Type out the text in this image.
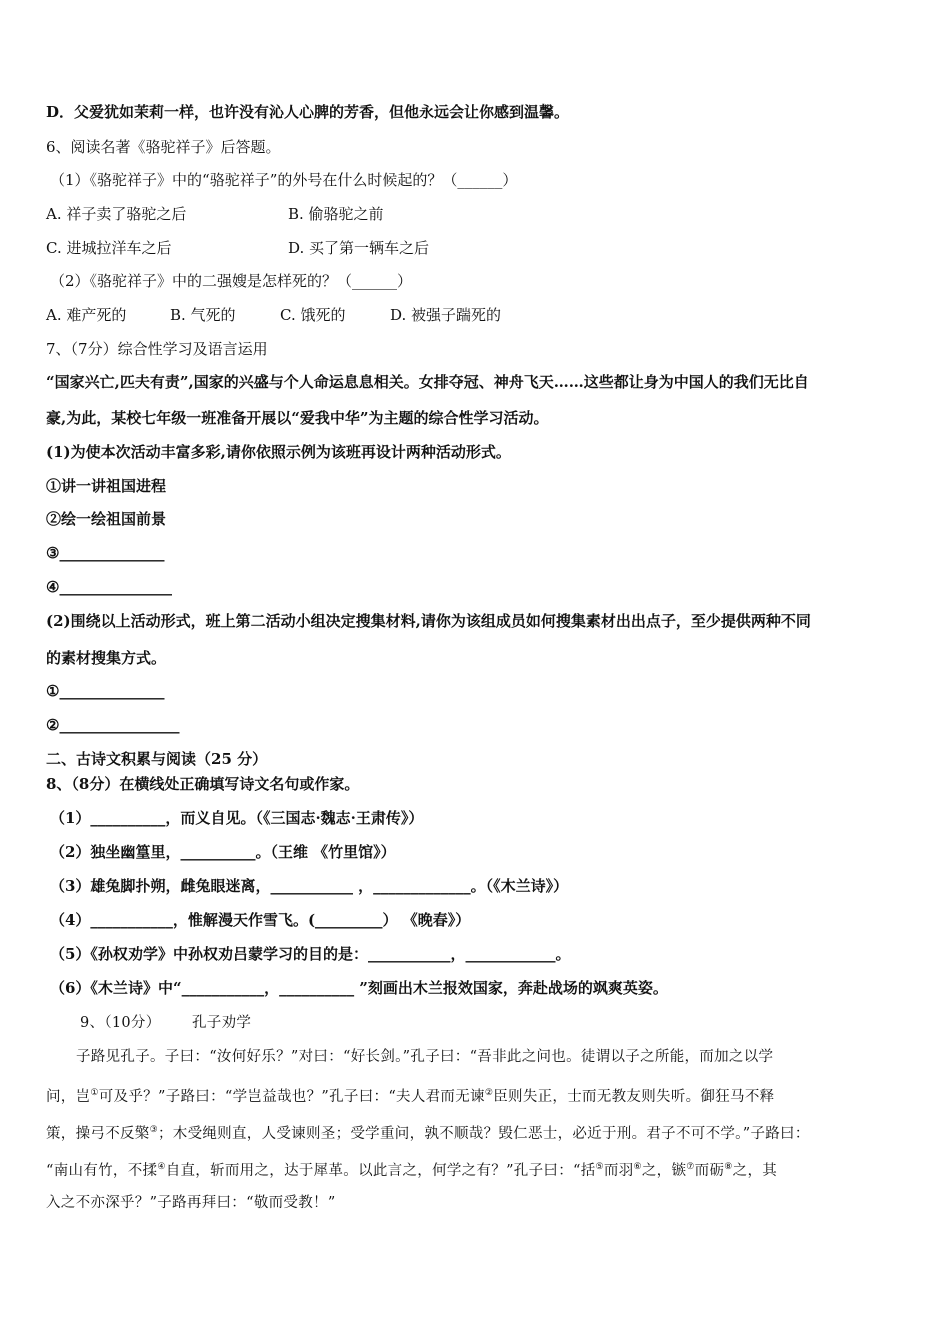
D．父爱犹如茉莉一样，也许没有沁人心脾的芳香，但他永远会让你感到温馨。
6、阅读名著《骆驼祥子》后答题。
（1）《骆驼祥子》中的“骆驼祥子”的外号在什么时候起的？（______）
A. 祥子卖了骆驼之后	B. 偷骆驼之前
C. 进城拉洋车之后	D. 买了第一辆车之后
（2）《骆驼祥子》中的二强嫂是怎样死的？（______）
A. 难产死的	B. 气死的	C. 饿死的	D. 被强子踹死的
7、（7分）综合性学习及语言运用
“国家兴亡,匹夫有责”,国家的兴盛与个人命运息息相关。女排夺冠、神舟飞天……这些都让身为中国人的我们无比自
豪,为此，某校七年级一班准备开展以“爱我中华”为主题的综合性学习活动。
(1)为使本次活动丰富多彩,请你依照示例为该班再设计两种活动形式。
①讲一讲祖国进程
②绘一绘祖国前景
③______________
④_______________
(2)围绕以上活动形式，班上第二活动小组决定搜集材料,请你为该组成员如何搜集素材出出点子，至少提供两种不同
的素材搜集方式。
①______________
②________________
二、古诗文积累与阅读（25 分）
8、（8分）在横线处正确填写诗文名句或作家。
（1）__________，而义自见。（《三国志·魏志·王肃传》）
（2）独坐幽篁里，__________。（王维 《竹里馆》）
（3）雄兔脚扑朔，雌兔眼迷离，___________ ，_____________。（《木兰诗》）
（4）___________，惟解漫天作雪飞。(_________） 《晚春》）
（5）《孙权劝学》中孙权劝吕蒙学习的目的是：___________，____________。
（6）《木兰诗》中“___________，__________ ”刻画出木兰报效国家，奔赴战场的飒爽英姿。
9、（10分） 孔子劝学
子路见孔子。子曰：“汝何好乐？”对曰：“好长剑。”孔子曰：“吾非此之问也。徒谓以子之所能，而加之以学
问，岂①可及乎？”子路曰：“学岂益哉也？”孔子曰：“夫人君而无谏②臣则失正，士而无教友则失听。御狂马不释
策，操弓不反檠③；木受绳则直，人受谏则圣；受学重问，孰不顺哉？毁仁恶士，必近于刑。君子不可不学。”子路曰：
“南山有竹，不揉④自直，斩而用之，达于犀革。以此言之，何学之有？”孔子曰：“括⑤而羽⑥之，镞⑦而砺⑧之，其
入之不亦深乎？”子路再拜曰：“敬而受教！”
